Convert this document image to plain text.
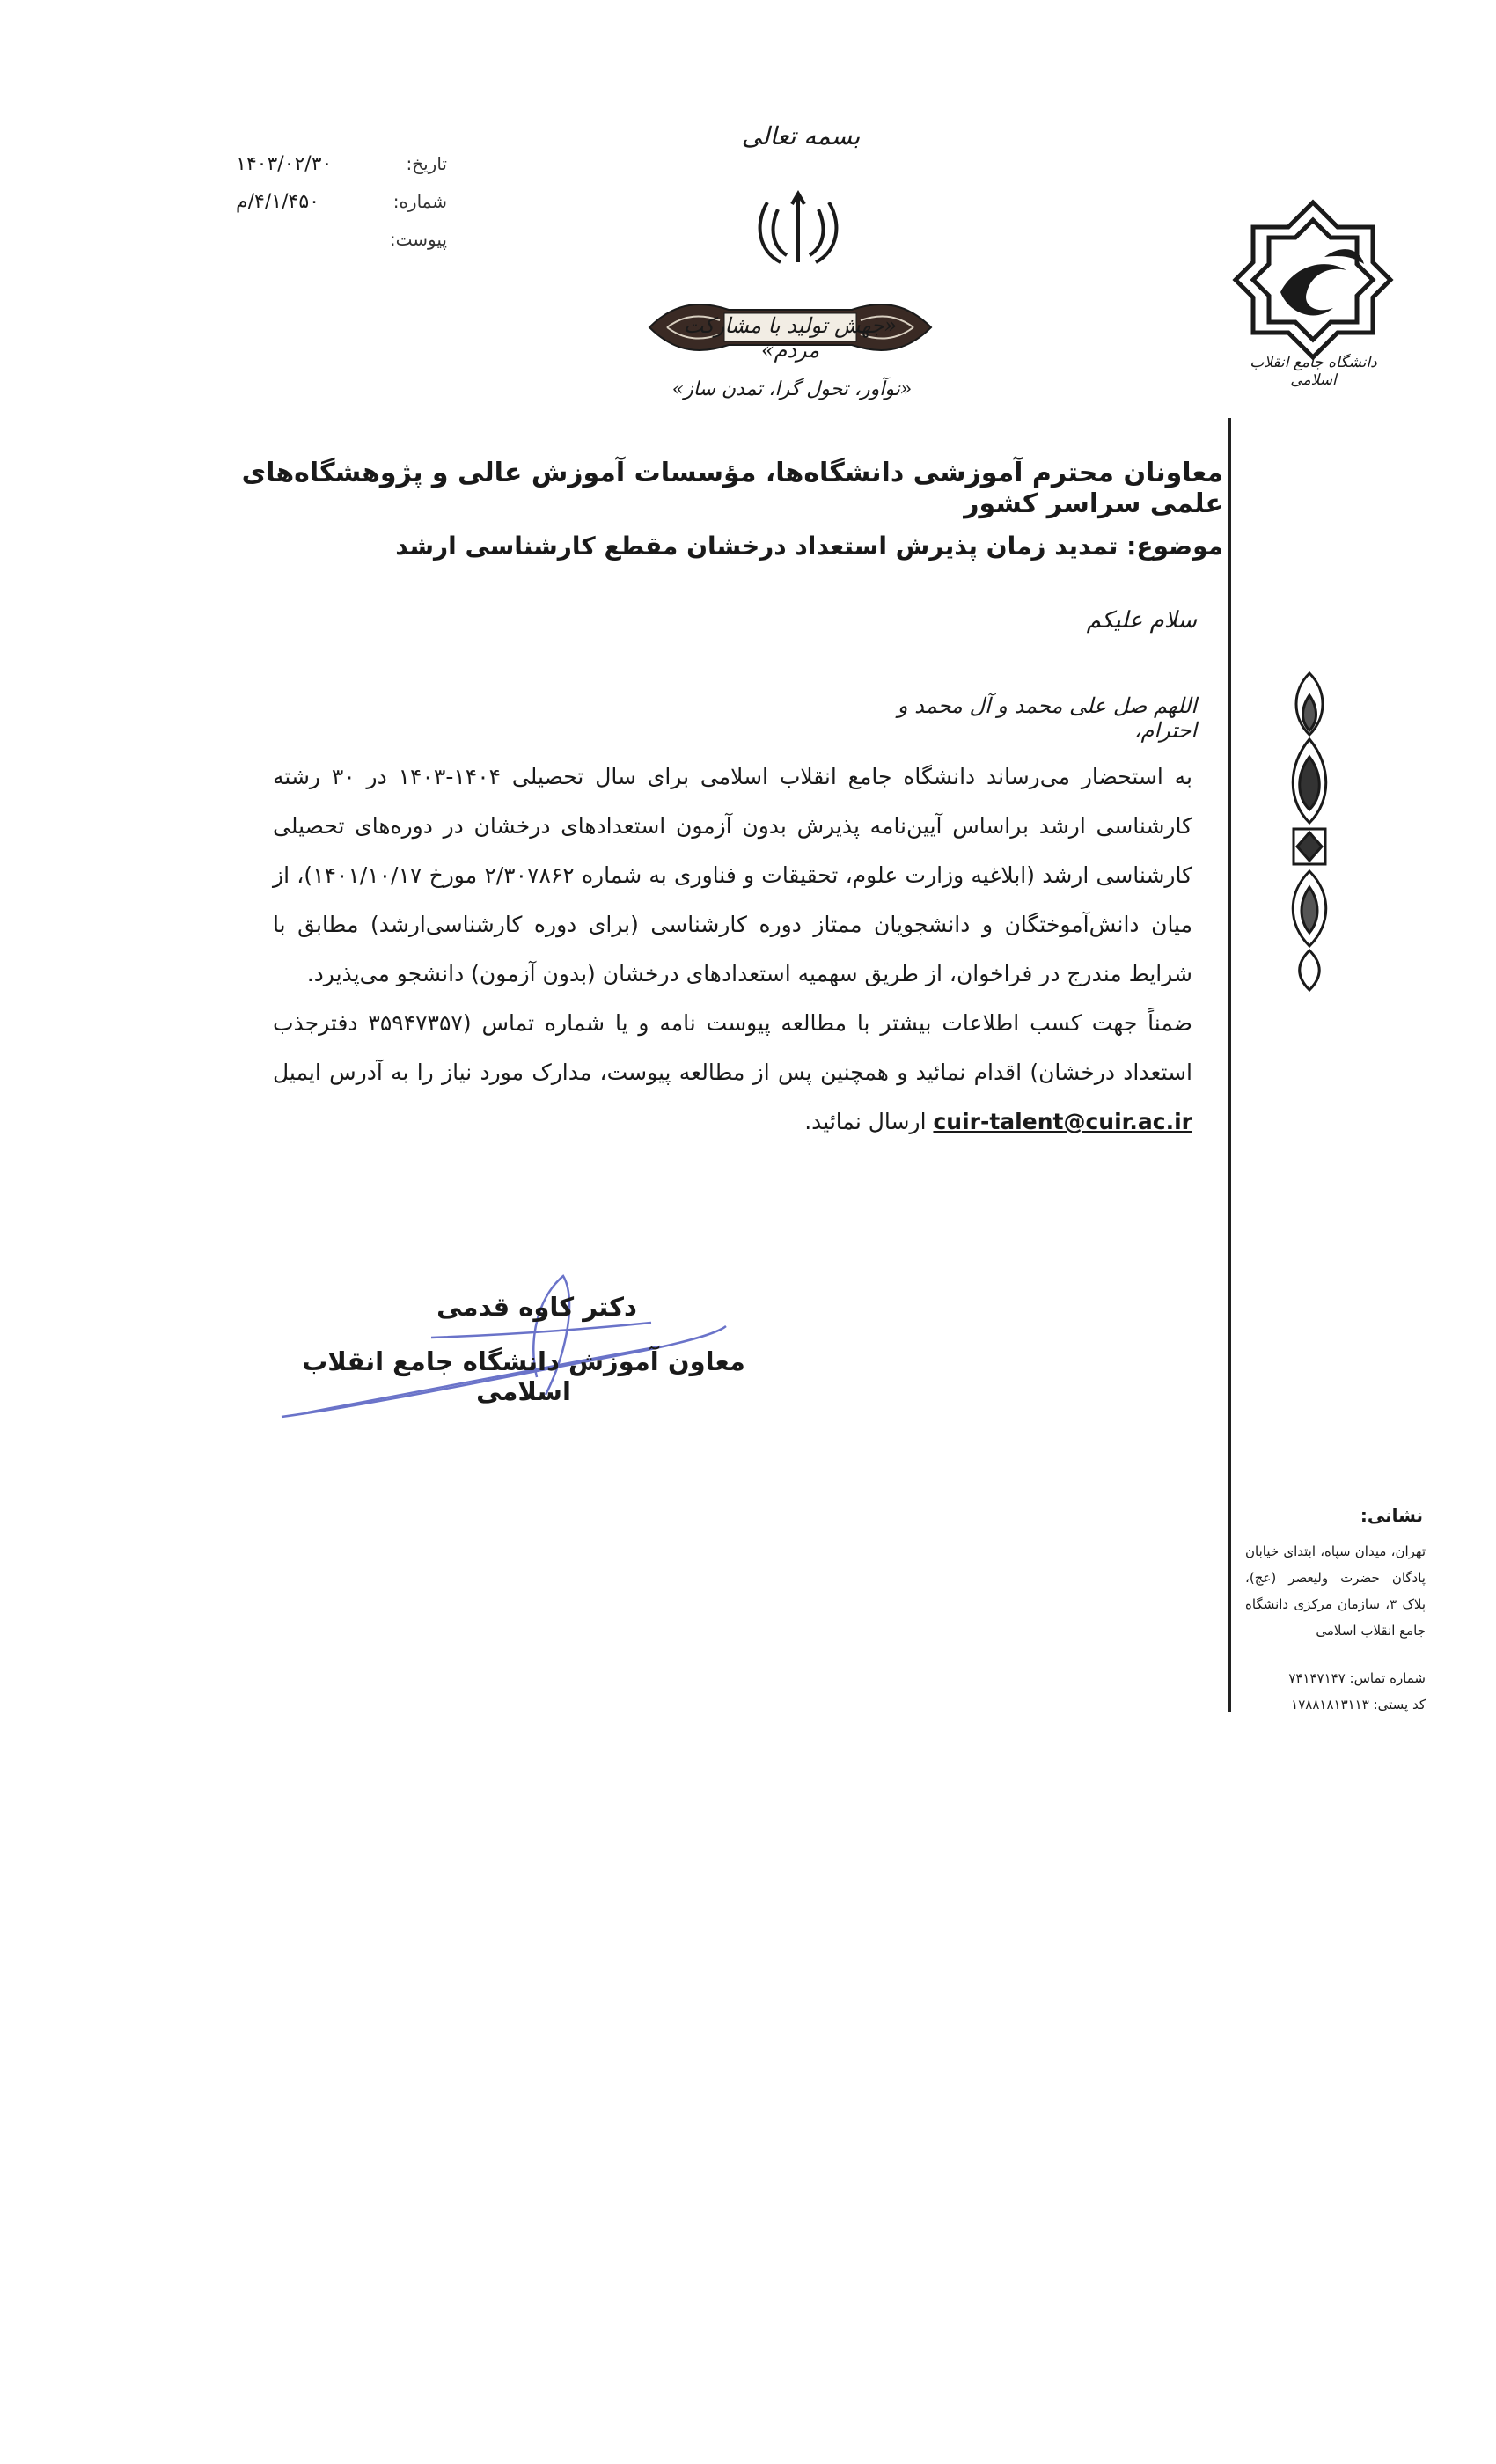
تاریخ:
۱۴۰۳/۰۲/۳۰
شماره:
۴/۱/۴۵۰/م
پیوست:
بسمه تعالی
«جهش تولید با مشارکت مردم»
«نوآور، تحول گرا، تمدن ساز»
دانشگاه جامع انقلاب اسلامی
معاونان محترم آموزشی دانشگاه‌ها، مؤسسات آموزش عالی و پژوهشگاه‌های علمی سراسر کشور
موضوع: تمدید زمان پذیرش استعداد درخشان مقطع کارشناسی ارشد
سلام علیکم
اللهم صل علی محمد و آل محمد و احترام،

به استحضار می‌رساند دانشگاه جامع انقلاب اسلامی برای سال تحصیلی ۱۴۰۴-۱۴۰۳ در ۳۰ رشته کارشناسی ارشد براساس آیین‌نامه پذیرش بدون آزمون استعدادهای درخشان در دوره‌های تحصیلی کارشناسی ارشد (ابلاغیه وزارت علوم، تحقیقات و فناوری به شماره ۲/۳۰۷۸۶۲ مورخ ۱۴۰۱/۱۰/۱۷)، از میان دانش‌آموختگان و دانشجویان ممتاز دوره کارشناسی (برای دوره کارشناسی‌ارشد) مطابق با شرایط مندرج در فراخوان، از طریق سهمیه استعدادهای درخشان (بدون آزمون) دانشجو می‌پذیرد.

ضمناً جهت کسب اطلاعات بیشتر با مطالعه پیوست نامه و یا شماره تماس (۳۵۹۴۷۳۵۷ دفترجذب استعداد درخشان) اقدام نمائید و همچنین پس از مطالعه پیوست، مدارک مورد نیاز را به آدرس ایمیل cuir-talent@cuir.ac.ir ارسال نمائید.

دکتر کاوه قدمی
معاون آموزش دانشگاه جامع انقلاب اسلامی
نشانی:
تهران، میدان سپاه، ابتدای خیابان پادگان حضرت ولیعصر (عج)، پلاک ۳، سازمان مرکزی دانشگاه جامع انقلاب اسلامی
شماره تماس: ۷۴۱۴۷۱۴۷
کد پستی: ۱۷۸۸۱۸۱۳۱۱۳
